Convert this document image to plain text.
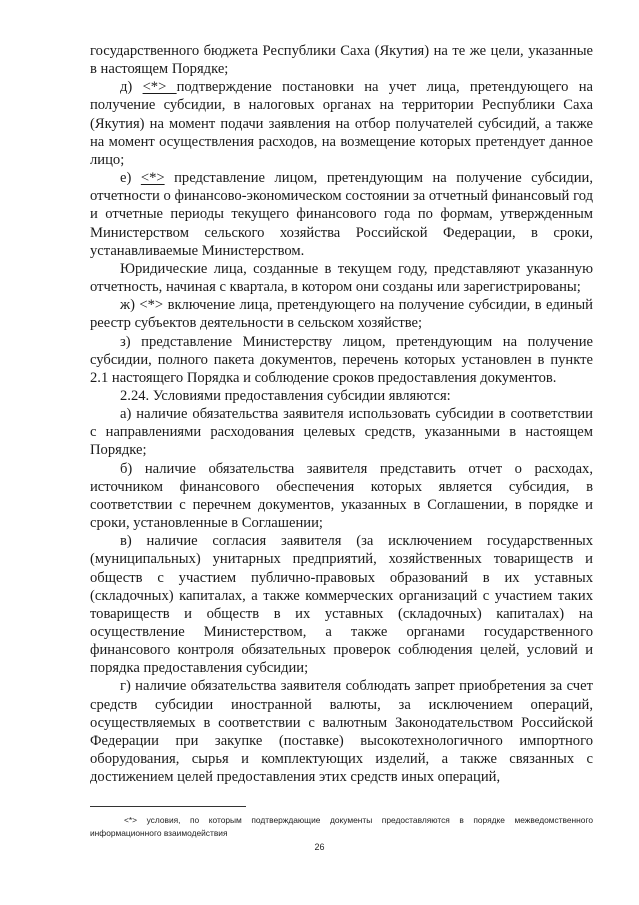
государственного бюджета Республики Саха (Якутия) на те же цели, указанные в настоящем Порядке;

д) <*> подтверждение постановки на учет лица, претендующего на получение субсидии, в налоговых органах на территории Республики Саха (Якутия) на момент подачи заявления на отбор получателей субсидий, а также на момент осуществления расходов, на возмещение которых претендует данное лицо;

е) <*> представление лицом, претендующим на получение субсидии, отчетности о финансово-экономическом состоянии за отчетный финансовый год и отчетные периоды текущего финансового года по формам, утвержденным Министерством сельского хозяйства Российской Федерации, в сроки, устанавливаемые Министерством.

Юридические лица, созданные в текущем году, представляют указанную отчетность, начиная с квартала, в котором они созданы или зарегистрированы;

ж) <*> включение лица, претендующего на получение субсидии, в единый реестр субъектов деятельности в сельском хозяйстве;

з) представление Министерству лицом, претендующим на получение субсидии, полного пакета документов, перечень которых установлен в пункте 2.1 настоящего Порядка и соблюдение сроков предоставления документов.

2.24. Условиями предоставления субсидии являются:

а) наличие обязательства заявителя использовать субсидии в соответствии с направлениями расходования целевых средств, указанными в настоящем Порядке;

б) наличие обязательства заявителя представить отчет о расходах, источником финансового обеспечения которых является субсидия, в соответствии с перечнем документов, указанных в Соглашении, в порядке и сроки, установленные в Соглашении;

в) наличие согласия заявителя (за исключением государственных (муниципальных) унитарных предприятий, хозяйственных товариществ и обществ с участием публично-правовых образований в их уставных (складочных) капиталах, а также коммерческих организаций с участием таких товариществ и обществ в их уставных (складочных) капиталах) на осуществление Министерством, а также органами государственного финансового контроля обязательных проверок соблюдения целей, условий и порядка предоставления субсидии;

г) наличие обязательства заявителя соблюдать запрет приобретения за счет средств субсидии иностранной валюты, за исключением операций, осуществляемых в соответствии с валютным Законодательством Российской Федерации при закупке (поставке) высокотехнологичного импортного оборудования, сырья и комплектующих изделий, а также связанных с достижением целей предоставления этих средств иных операций,

<*> условия, по которым подтверждающие документы предоставляются в порядке межведомственного информационного взаимодействия

26
